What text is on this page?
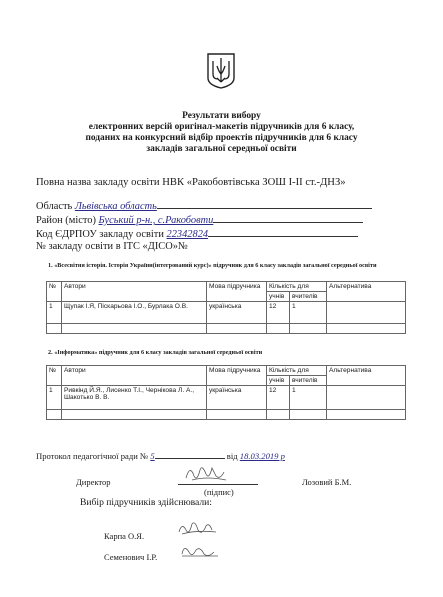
Результати вибору
електронних версій оригінал-макетів підручників для 6 класу,
поданих на конкурсний відбір проектів підручників для 6 класу
закладів загальної середньої освіти
Повна назва закладу освіти НВК «Ракобовтівська ЗОШ І-ІІ ст.-ДНЗ»
Область Львівська область
Район (місто) Буський р-н., с.Ракобовти
Код ЄДРПОУ закладу освіти 22342824
№ закладу освіти в ІТС «ДІСО»№
1. «Всесвітня історія. Історія України(інтегрований курс)» підручник для 6 класу закладів загальної середньої освіти
№	Автори	Мова підручника	Кількість для		Альтернатива
			учнів	вчителів	
1	Щупак І.Я, Піскарьова І.О., Бурлака О.В.	українська	12	1	

2. «Інформатика» підручник для 6 класу закладів загальної середньої освіти
№	Автори	Мова підручника	Кількість для		Альтернатива
			учнів	вчителів	
1	Ривкінд Й.Я., Лисенко Т.І., Чернікова Л. А., Шакотько В. В.	українська	12	1	

Протокол педагогічної ради № 5	від 18.03.2019 р
Директор
(підпис)
Лозовий Б.М.
Вибір підручників здійснювали:
Карпа О.Я.
Семенович І.Р.
